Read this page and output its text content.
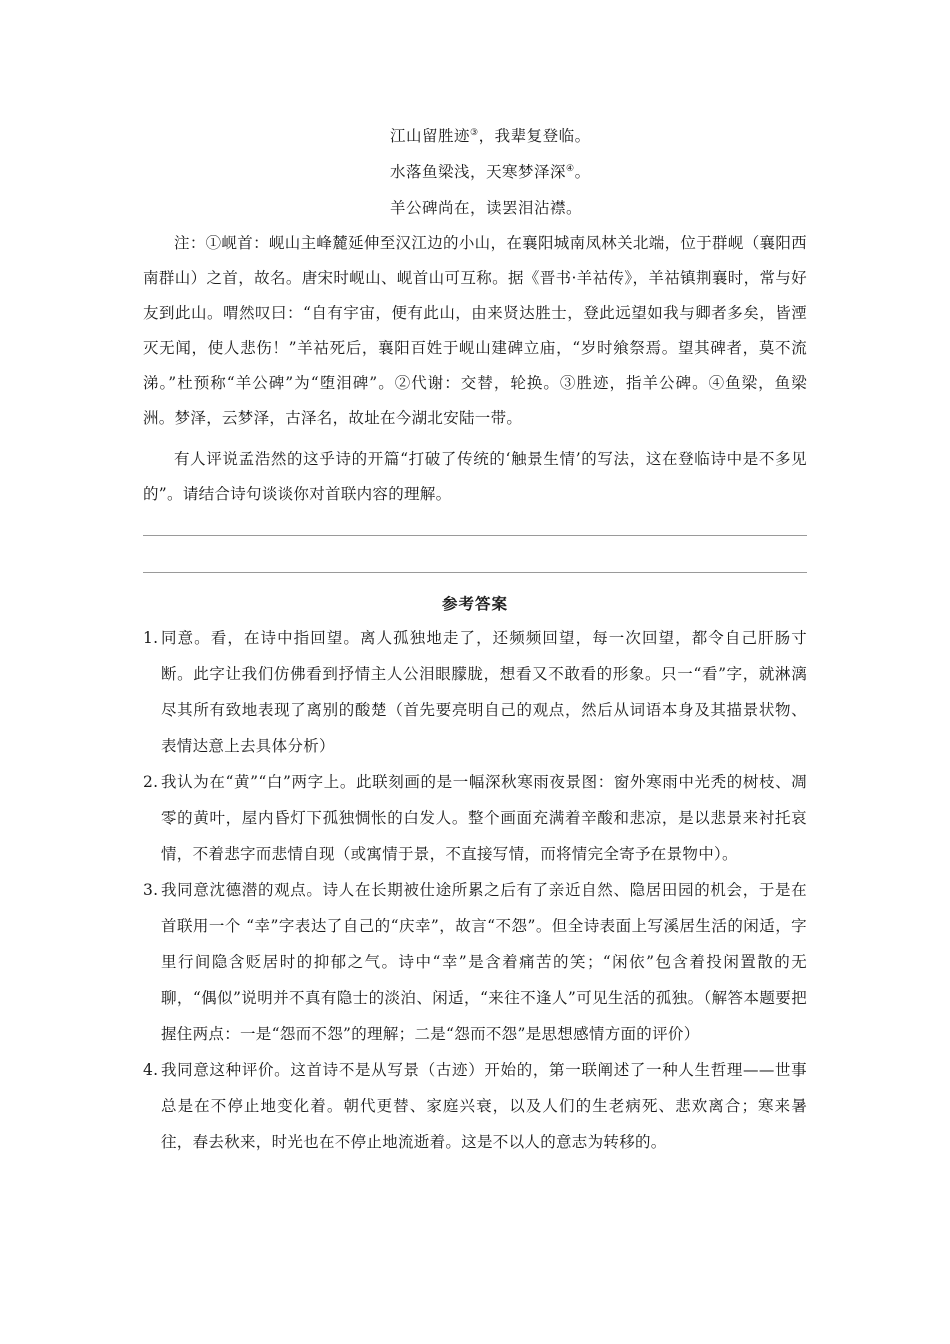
江山留胜迹③，我辈复登临。
水落鱼梁浅，天寒梦泽深④。
羊公碑尚在，读罢泪沾襟。

注：①岘首：岘山主峰麓延伸至汉江边的小山，在襄阳城南凤林关北端，位于群岘（襄阳西南群山）之首，故名。唐宋时岘山、岘首山可互称。据《晋书·羊祜传》，羊祜镇荆襄时，常与好友到此山。喟然叹曰：“自有宇宙，便有此山，由来贤达胜士，登此远望如我与卿者多矣，皆湮灭无闻，使人悲伤！”羊祜死后，襄阳百姓于岘山建碑立庙，“岁时飨祭焉。望其碑者，莫不流涕。”杜预称“羊公碑”为“堕泪碑”。②代谢：交替，轮换。③胜迹，指羊公碑。④鱼梁，鱼梁洲。梦泽，云梦泽，古泽名，故址在今湖北安陆一带。

有人评说孟浩然的这乎诗的开篇“打破了传统的‘触景生情’的写法，这在登临诗中是不多见的”。请结合诗句谈谈你对首联内容的理解。

参考答案
1. 同意。看，在诗中指回望。离人孤独地走了，还频频回望，每一次回望，都令自己肝肠寸断。此字让我们仿佛看到抒情主人公泪眼朦胧，想看又不敢看的形象。只一“看”字，就淋漓尽其所有致地表现了离别的酸楚（首先要亮明自己的观点，然后从词语本身及其描景状物、表情达意上去具体分析）
2. 我认为在“黄”“白”两字上。此联刻画的是一幅深秋寒雨夜景图：窗外寒雨中光秃的树枝、凋零的黄叶，屋内昏灯下孤独惆怅的白发人。整个画面充满着辛酸和悲凉，是以悲景来衬托哀情，不着悲字而悲情自现（或寓情于景，不直接写情，而将情完全寄予在景物中）。
3. 我同意沈德潜的观点。诗人在长期被仕途所累之后有了亲近自然、隐居田园的机会，于是在首联用一个 “幸”字表达了自己的“庆幸”，故言“不怨”。但全诗表面上写溪居生活的闲适，字里行间隐含贬居时的抑郁之气。诗中“幸”是含着痛苦的笑；“闲依”包含着投闲置散的无聊，“偶似”说明并不真有隐士的淡泊、闲适，“来往不逢人”可见生活的孤独。（解答本题要把握住两点：一是“怨而不怨”的理解；二是“怨而不怨”是思想感情方面的评价）
4. 我同意这种评价。这首诗不是从写景（古迹）开始的，第一联阐述了一种人生哲理——世事总是在不停止地变化着。朝代更替、家庭兴衰，以及人们的生老病死、悲欢离合；寒来暑往，春去秋来，时光也在不停止地流逝着。这是不以人的意志为转移的。
